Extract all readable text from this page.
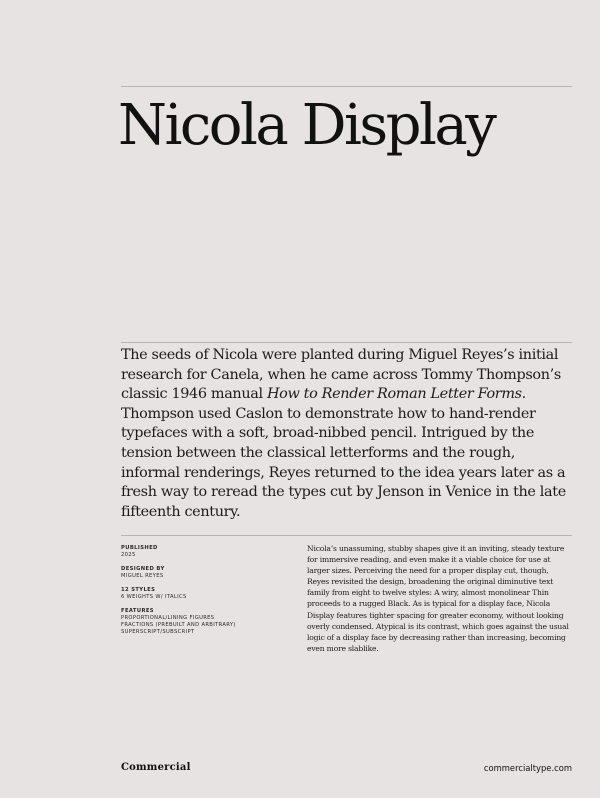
Nicola Display

The seeds of Nicola were planted during Miguel Reyes’s initial research for Canela, when he came across Tommy Thompson’s classic 1946 manual How to Render Roman Letter Forms. Thompson used Caslon to demonstrate how to hand-render typefaces with a soft, broad-nibbed pencil. Intrigued by the tension between the classical letterforms and the rough, informal renderings, Reyes returned to the idea years later as a fresh way to reread the types cut by Jenson in Venice in the late fifteenth century.

PUBLISHED
2025
DESIGNED BY
MIGUEL REYES
12 STYLES
6 WEIGHTS W/ ITALICS
FEATURES
PROPORTIONAL/LINING FIGURES
FRACTIONS (PREBUILT AND ARBITRARY)
SUPERSCRIPT/SUBSCRIPT

Nicola’s unassuming, stubby shapes give it an inviting, steady texture for immersive reading, and even make it a viable choice for use at larger sizes. Perceiving the need for a proper display cut, though, Reyes revisited the design, broadening the original diminutive text family from eight to twelve styles: A wiry, almost monolinear Thin proceeds to a rugged Black. As is typical for a display face, Nicola Display features tighter spacing for greater economy, without looking overly condensed. Atypical is its contrast, which goes against the usual logic of a display face by decreasing rather than increasing, becoming even more slablike.

Commercial	commercialtype.com
